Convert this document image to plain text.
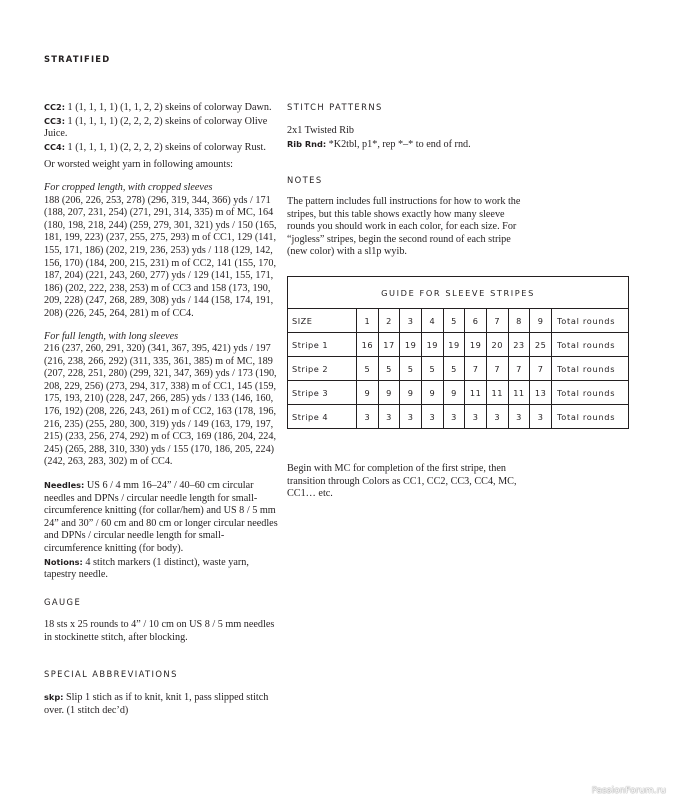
STRATIFIED

CC2: 1 (1, 1, 1, 1) (1, 1, 2, 2) skeins of colorway Dawn.

CC3: 1 (1, 1, 1, 1) (2, 2, 2, 2) skeins of colorway Olive Juice.

CC4: 1 (1, 1, 1, 1) (2, 2, 2, 2) skeins of colorway Rust.

Or worsted weight yarn in following amounts:

For cropped length, with cropped sleeves

188 (206, 226, 253, 278) (296, 319, 344, 366) yds / 171 (188, 207, 231, 254) (271, 291, 314, 335) m of MC, 164 (180, 198, 218, 244) (259, 279, 301, 321) yds / 150 (165, 181, 199, 223) (237, 255, 275, 293) m of CC1, 129 (141, 155, 171, 186) (202, 219, 236, 253) yds / 118 (129, 142, 156, 170) (184, 200, 215, 231) m of CC2, 141 (155, 170, 187, 204) (221, 243, 260, 277) yds / 129 (141, 155, 171, 186) (202, 222, 238, 253) m of CC3 and 158 (173, 190, 209, 228) (247, 268, 289, 308) yds / 144 (158, 174, 191, 208) (226, 245, 264, 281) m of CC4.

For full length, with long sleeves

216 (237, 260, 291, 320) (341, 367, 395, 421) yds / 197 (216, 238, 266, 292) (311, 335, 361, 385) m of MC, 189 (207, 228, 251, 280) (299, 321, 347, 369) yds / 173 (190, 208, 229, 256) (273, 294, 317, 338) m of CC1, 145 (159, 175, 193, 210) (228, 247, 266, 285) yds / 133 (146, 160, 176, 192) (208, 226, 243, 261) m of CC2, 163 (178, 196, 216, 235) (255, 280, 300, 319) yds / 149 (163, 179, 197, 215) (233, 256, 274, 292) m of CC3, 169 (186, 204, 224, 245) (265, 288, 310, 330) yds / 155 (170, 186, 205, 224) (242, 263, 283, 302) m of CC4.

Needles: US 6 / 4 mm 16–24” / 40–60 cm circular needles and DPNs / circular needle length for small-circumference knitting (for collar/hem) and US 8 / 5 mm 24” and 30” / 60 cm and 80 cm or longer circular needles and DPNs / circular needle length for small-circumference knitting (for body).

Notions: 4 stitch markers (1 distinct), waste yarn, tapestry needle.

GAUGE
18 sts x 25 rounds to 4” / 10 cm on US 8 / 5 mm needles in stockinette stitch, after blocking.
SPECIAL ABBREVIATIONS
skp: Slip 1 stich as if to knit, knit 1, pass slipped stitch over. (1 stitch dec’d)
STITCH PATTERNS

2x1 Twisted Rib

Rib Rnd: *K2tbl, p1*, rep *–* to end of rnd.

NOTES
The pattern includes full instructions for how to work the stripes, but this table shows exactly how many sleeve rounds you should work in each color, for each size. For “jogless” stripes, begin the second round of each stripe (new color) with a sl1p wyib.
GUIDE FOR SLEEVE STRIPES										
SIZE	1	2	3	4	5	6	7	8	9	Total rounds
Stripe 1	16	17	19	19	19	19	20	23	25	Total rounds
Stripe 2	5	5	5	5	5	7	7	7	7	Total rounds
Stripe 3	9	9	9	9	9	11	11	11	13	Total rounds
Stripe 4	3	3	3	3	3	3	3	3	3	Total rounds
Begin with MC for completion of the first stripe, then transition through Colors as CC1, CC2, CC3, CC4, MC, CC1… etc.
PassionForum.ru
